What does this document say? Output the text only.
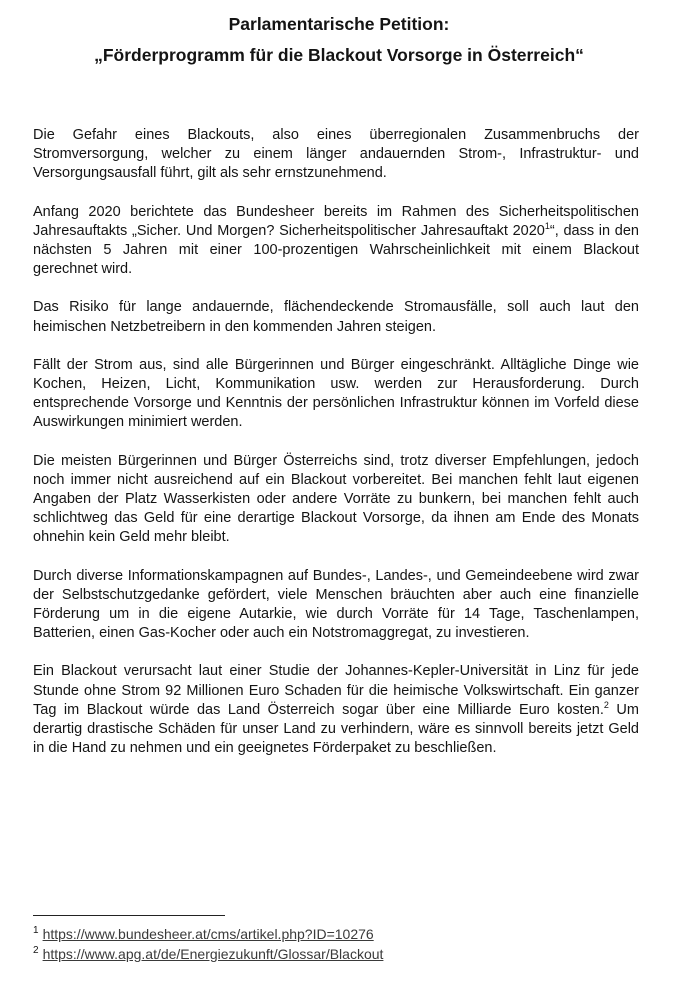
Parlamentarische Petition:
„Förderprogramm für die Blackout Vorsorge in Österreich“

Die Gefahr eines Blackouts, also eines überregionalen Zusammenbruchs der Stromversorgung, welcher zu einem länger andauernden Strom-, Infrastruktur- und Versorgungsausfall führt, gilt als sehr ernstzunehmend.

Anfang 2020 berichtete das Bundesheer bereits im Rahmen des Sicherheitspolitischen Jahresauftakts „Sicher. Und Morgen? Sicherheitspolitischer Jahresauftakt 2020$^1$“, dass in den nächsten 5 Jahren mit einer 100-prozentigen Wahrscheinlichkeit mit einem Blackout gerechnet wird.

Das Risiko für lange andauernde, flächendeckende Stromausfälle, soll auch laut den heimischen Netzbetreibern in den kommenden Jahren steigen.

Fällt der Strom aus, sind alle Bürgerinnen und Bürger eingeschränkt. Alltägliche Dinge wie Kochen, Heizen, Licht, Kommunikation usw. werden zur Herausforderung. Durch entsprechende Vorsorge und Kenntnis der persönlichen Infrastruktur können im Vorfeld diese Auswirkungen minimiert werden.

Die meisten Bürgerinnen und Bürger Österreichs sind, trotz diverser Empfehlungen, jedoch noch immer nicht ausreichend auf ein Blackout vorbereitet. Bei manchen fehlt laut eigenen Angaben der Platz Wasserkisten oder andere Vorräte zu bunkern, bei manchen fehlt auch schlichtweg das Geld für eine derartige Blackout Vorsorge, da ihnen am Ende des Monats ohnehin kein Geld mehr bleibt.

Durch diverse Informationskampagnen auf Bundes-, Landes-, und Gemeindeebene wird zwar der Selbstschutzgedanke gefördert, viele Menschen bräuchten aber auch eine finanzielle Förderung um in die eigene Autarkie, wie durch Vorräte für 14 Tage, Taschenlampen, Batterien, einen Gas-Kocher oder auch ein Notstromaggregat, zu investieren.

Ein Blackout verursacht laut einer Studie der Johannes-Kepler-Universität in Linz für jede Stunde ohne Strom 92 Millionen Euro Schaden für die heimische Volkswirtschaft. Ein ganzer Tag im Blackout würde das Land Österreich sogar über eine Milliarde Euro kosten.$^2$ Um derartig drastische Schäden für unser Land zu verhindern, wäre es sinnvoll bereits jetzt Geld in die Hand zu nehmen und ein geeignetes Förderpaket zu beschließen.

$^1$ https://www.bundesheer.at/cms/artikel.php?ID=10276
$^2$ https://www.apg.at/de/Energiezukunft/Glossar/Blackout
